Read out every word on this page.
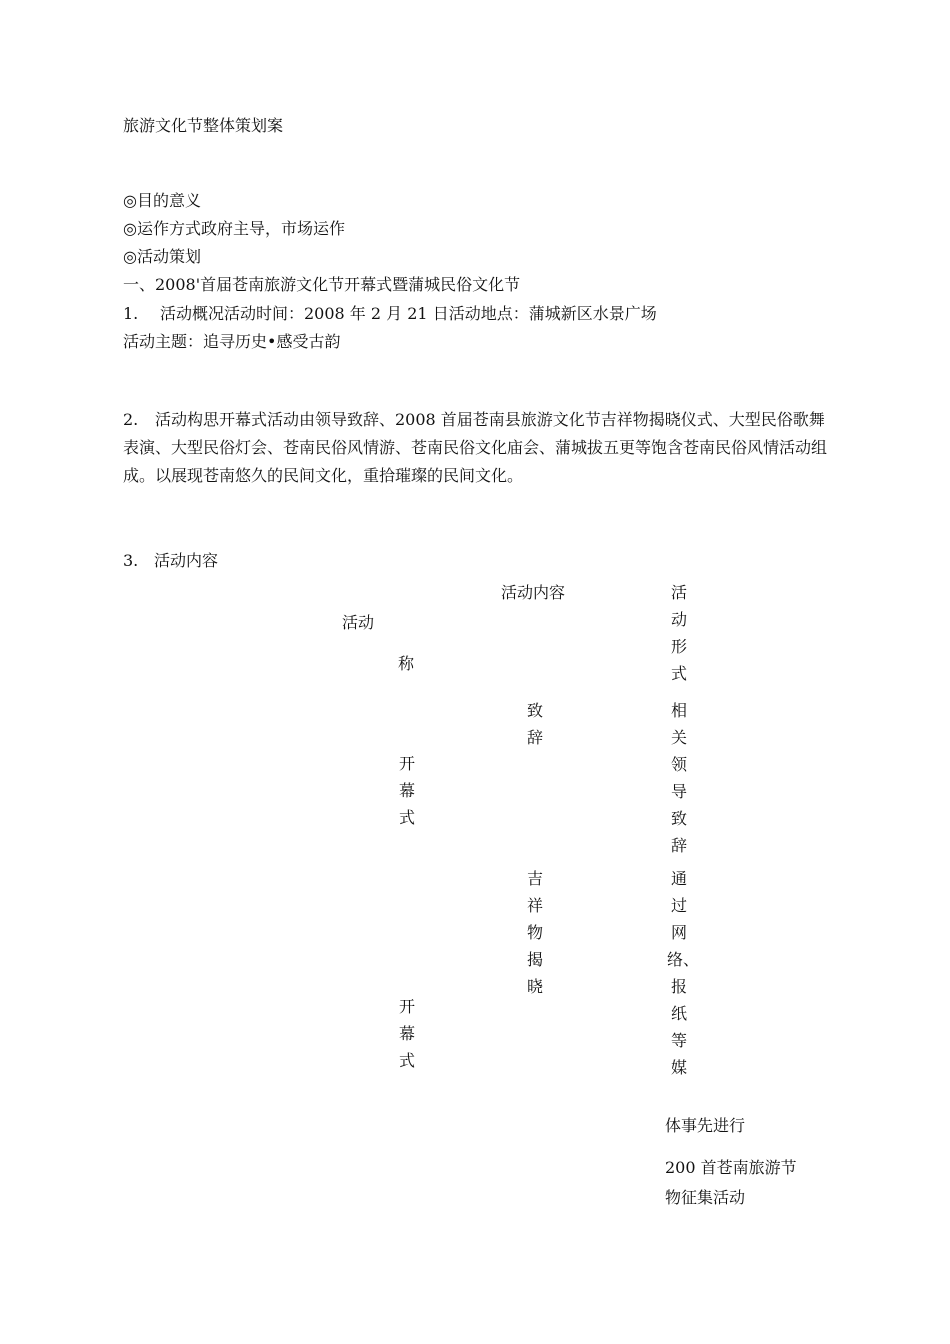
旅游文化节整体策划案
◎目的意义
◎运作方式政府主导，市场运作
◎活动策划
一、2008'首届苍南旅游文化节开幕式暨蒲城民俗文化节
1. 活动概况活动时间：2008 年 2 月 21 日活动地点：蒲城新区水景广场
活动主题：追寻历史•感受古韵
2.	活动构思开幕式活动由领导致辞、2008 首届苍南县旅游文化节吉祥物揭晓仪式、大型民俗歌舞表演、大型民俗灯会、苍南民俗风情游、苍南民俗文化庙会、蒲城拔五更等饱含苍南民俗风情活动组成。以展现苍南悠久的民间文化，重拾璀璨的民间文化。
3. 活动内容
活动内容
活动
称
活动形式
致辞
相关领导致辞
开幕式
吉祥物揭晓
通过网络、报纸等媒
开幕式
体事先进行
200 首苍南旅游节
物征集活动
